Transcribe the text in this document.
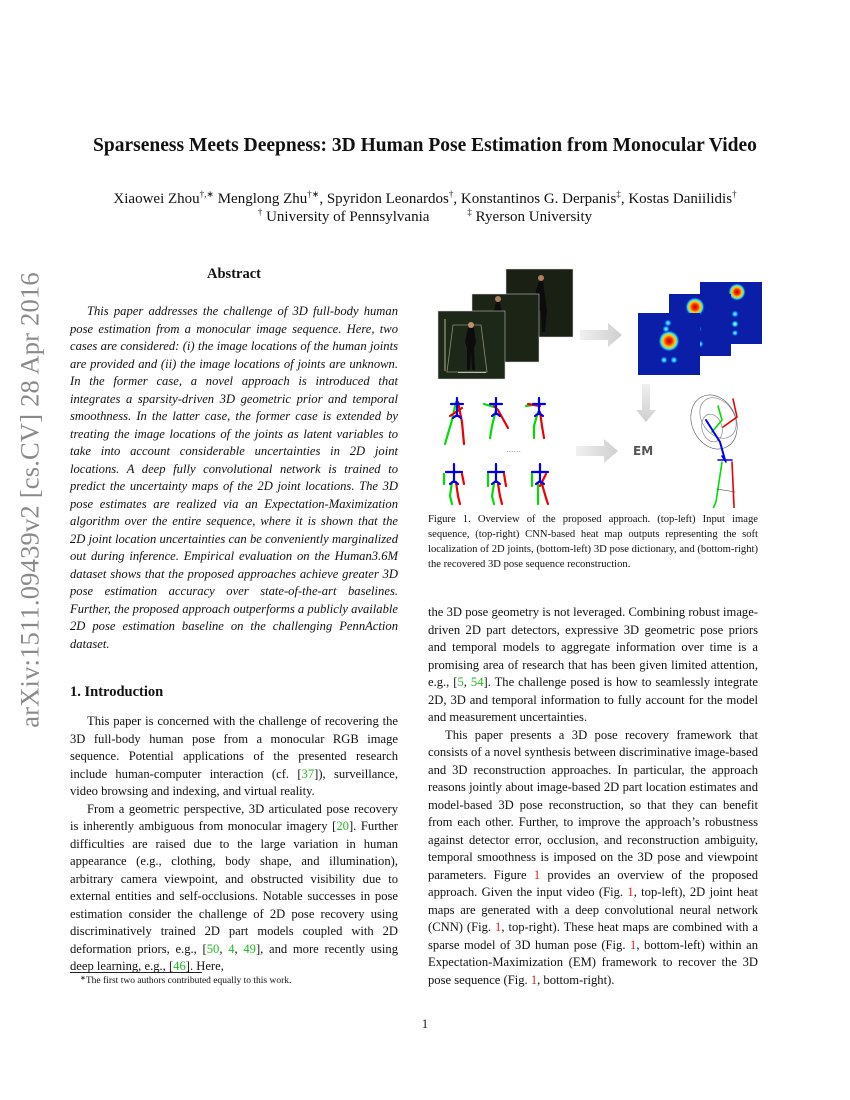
arXiv:1511.09439v2 [cs.CV] 28 Apr 2016
Sparseness Meets Deepness: 3D Human Pose Estimation from Monocular Video
Xiaowei Zhou†,∗ Menglong Zhu†∗, Spyridon Leonardos†, Konstantinos G. Derpanis‡, Kostas Daniilidis†
† University of Pennsylvania	‡ Ryerson University
Abstract

This paper addresses the challenge of 3D full-body human pose estimation from a monocular image sequence. Here, two cases are considered: (i) the image locations of the human joints are provided and (ii) the image locations of joints are unknown. In the former case, a novel approach is introduced that integrates a sparsity-driven 3D geometric prior and temporal smoothness. In the latter case, the former case is extended by treating the image locations of the joints as latent variables to take into account considerable uncertainties in 2D joint locations. A deep fully convolutional network is trained to predict the uncertainty maps of the 2D joint locations. The 3D pose estimates are realized via an Expectation-Maximization algorithm over the entire sequence, where it is shown that the 2D joint location uncertainties can be conveniently marginalized out during inference. Empirical evaluation on the Human3.6M dataset shows that the proposed approaches achieve greater 3D pose estimation accuracy over state-of-the-art baselines. Further, the proposed approach outperforms a publicly available 2D pose estimation baseline on the challenging PennAction dataset.

1. Introduction

This paper is concerned with the challenge of recovering the 3D full-body human pose from a monocular RGB image sequence. Potential applications of the presented research include human-computer interaction (cf. [37]), surveillance, video browsing and indexing, and virtual reality.

From a geometric perspective, 3D articulated pose recovery is inherently ambiguous from monocular imagery [20]. Further difficulties are raised due to the large variation in human appearance (e.g., clothing, body shape, and illumination), arbitrary camera viewpoint, and obstructed visibility due to external entities and self-occlusions. Notable successes in pose estimation consider the challenge of 2D pose recovery using discriminatively trained 2D part models coupled with 2D deformation priors, e.g., [50, 4, 49], and more recently using deep learning, e.g., [46]. Here,

∗The first two authors contributed equally to this work.
......	EM
Figure 1. Overview of the proposed approach. (top-left) Input image sequence, (top-right) CNN-based heat map outputs representing the soft localization of 2D joints, (bottom-left) 3D pose dictionary, and (bottom-right) the recovered 3D pose sequence reconstruction.

the 3D pose geometry is not leveraged. Combining robust image-driven 2D part detectors, expressive 3D geometric pose priors and temporal models to aggregate information over time is a promising area of research that has been given limited attention, e.g., [5, 54]. The challenge posed is how to seamlessly integrate 2D, 3D and temporal information to fully account for the model and measurement uncertainties.

This paper presents a 3D pose recovery framework that consists of a novel synthesis between discriminative image-based and 3D reconstruction approaches. In particular, the approach reasons jointly about image-based 2D part location estimates and model-based 3D pose reconstruction, so that they can benefit from each other. Further, to improve the approach’s robustness against detector error, occlusion, and reconstruction ambiguity, temporal smoothness is imposed on the 3D pose and viewpoint parameters. Figure 1 provides an overview of the proposed approach. Given the input video (Fig. 1, top-left), 2D joint heat maps are generated with a deep convolutional neural network (CNN) (Fig. 1, top-right). These heat maps are combined with a sparse model of 3D human pose (Fig. 1, bottom-left) within an Expectation-Maximization (EM) framework to recover the 3D pose sequence (Fig. 1, bottom-right).

1
